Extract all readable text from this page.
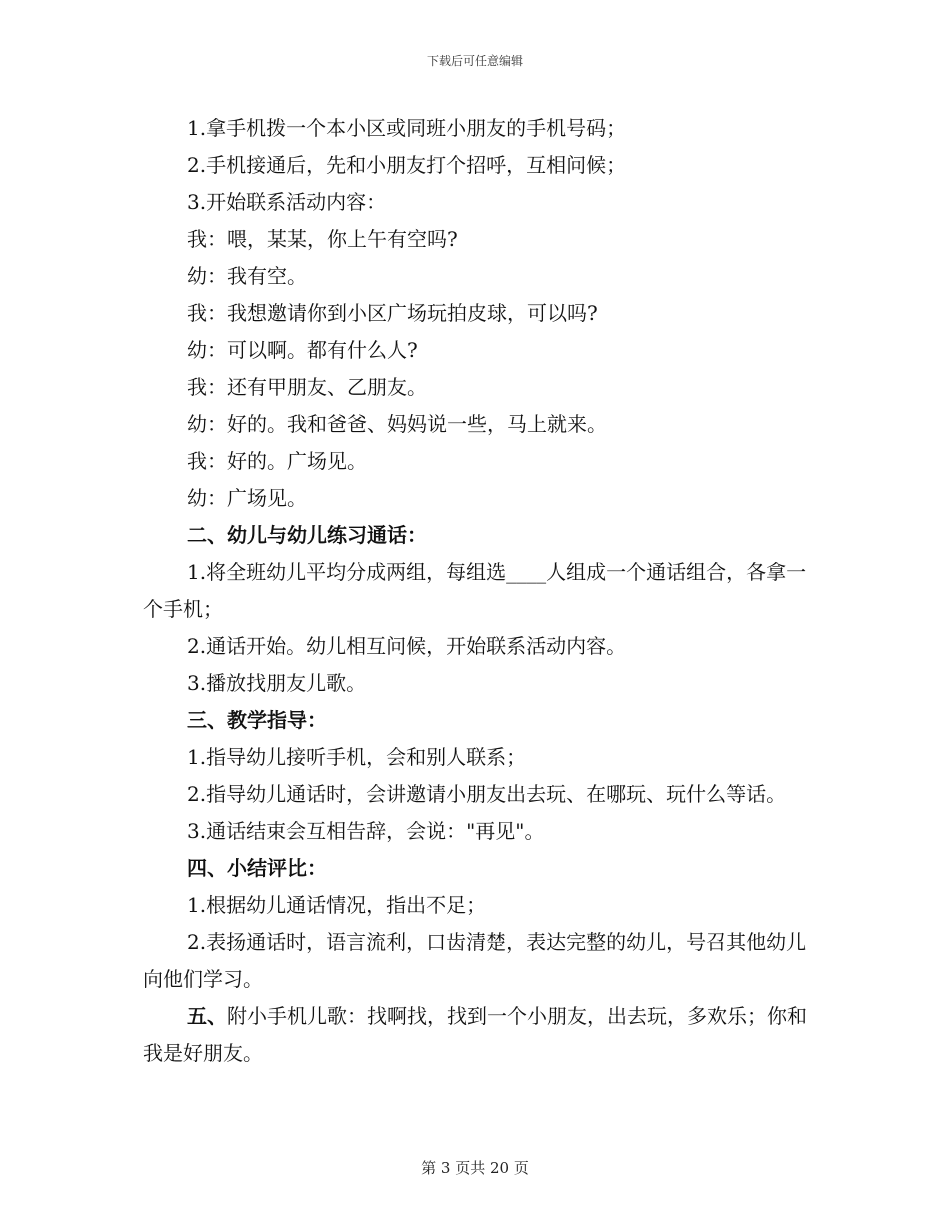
下载后可任意编辑

1.拿手机拨一个本小区或同班小朋友的手机号码；

2.手机接通后，先和小朋友打个招呼，互相问候；

3.开始联系活动内容：

我：喂，某某，你上午有空吗?

幼：我有空。

我：我想邀请你到小区广场玩拍皮球，可以吗?

幼：可以啊。都有什么人?

我：还有甲朋友、乙朋友。

幼：好的。我和爸爸、妈妈说一些，马上就来。

我：好的。广场见。

幼：广场见。

二、幼儿与幼儿练习通话：

1.将全班幼儿平均分成两组，每组选____人组成一个通话组合，各拿一个手机；

2.通话开始。幼儿相互问候，开始联系活动内容。

3.播放找朋友儿歌。

三、教学指导：

1.指导幼儿接听手机，会和别人联系；

2.指导幼儿通话时，会讲邀请小朋友出去玩、在哪玩、玩什么等话。

3.通话结束会互相告辞，会说："再见"。

四、小结评比：

1.根据幼儿通话情况，指出不足；

2.表扬通话时，语言流利，口齿清楚，表达完整的幼儿，号召其他幼儿向他们学习。

五、附小手机儿歌：找啊找，找到一个小朋友，出去玩，多欢乐；你和我是好朋友。

第 3 页共 20 页
